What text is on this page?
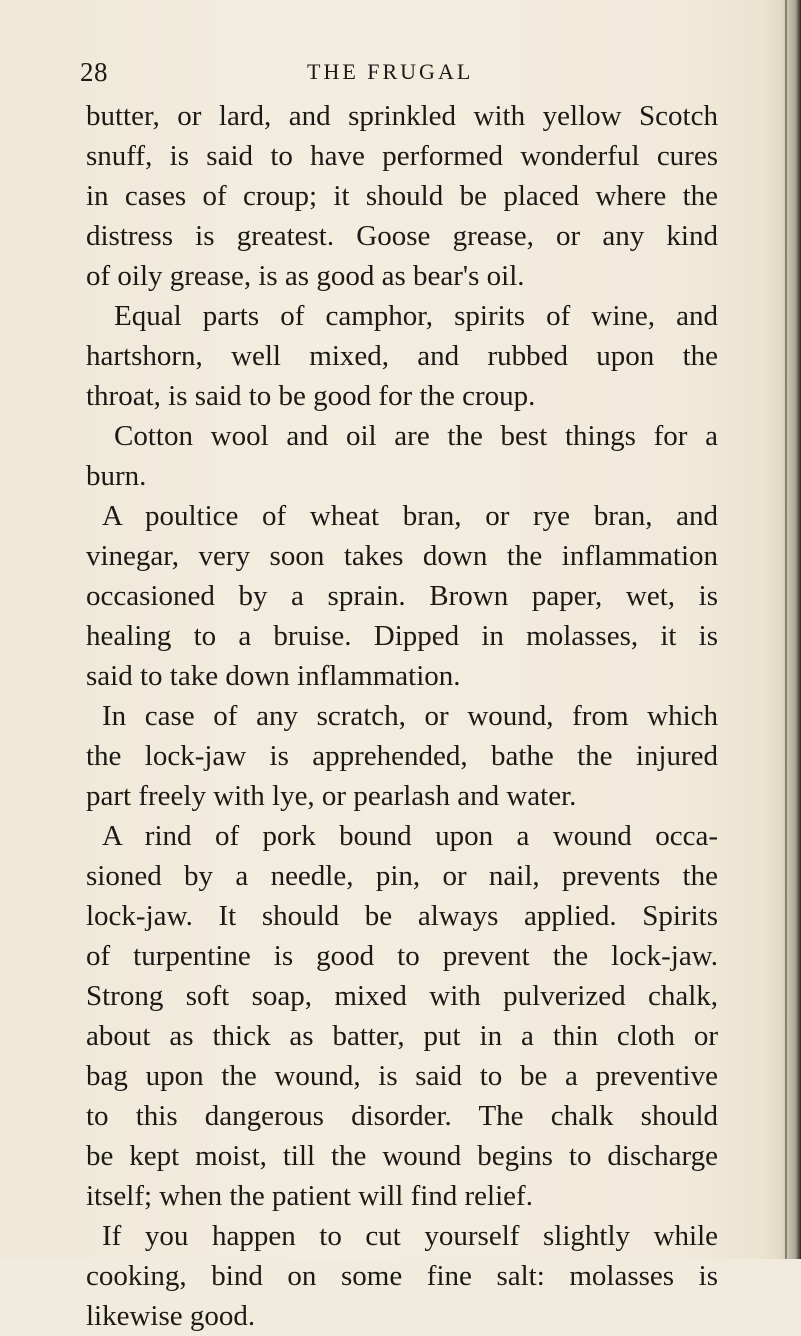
28	THE FRUGAL
butter, or lard, and sprinkled with yellow Scotch
snuff, is said to have performed wonderful cures
in cases of croup; it should be placed where the
distress is greatest. Goose grease, or any kind
of oily grease, is as good as bear's oil.
Equal parts of camphor, spirits of wine, and
hartshorn, well mixed, and rubbed upon the
throat, is said to be good for the croup.
Cotton wool and oil are the best things for a
burn.
A poultice of wheat bran, or rye bran, and
vinegar, very soon takes down the inflammation
occasioned by a sprain. Brown paper, wet, is
healing to a bruise. Dipped in molasses, it is
said to take down inflammation.
In case of any scratch, or wound, from which
the lock-jaw is apprehended, bathe the injured
part freely with lye, or pearlash and water.
A rind of pork bound upon a wound occa-
sioned by a needle, pin, or nail, prevents the
lock-jaw. It should be always applied. Spirits
of turpentine is good to prevent the lock-jaw.
Strong soft soap, mixed with pulverized chalk,
about as thick as batter, put in a thin cloth or
bag upon the wound, is said to be a preventive
to this dangerous disorder. The chalk should
be kept moist, till the wound begins to discharge
itself; when the patient will find relief.
If you happen to cut yourself slightly while
cooking, bind on some fine salt: molasses is
likewise good.
